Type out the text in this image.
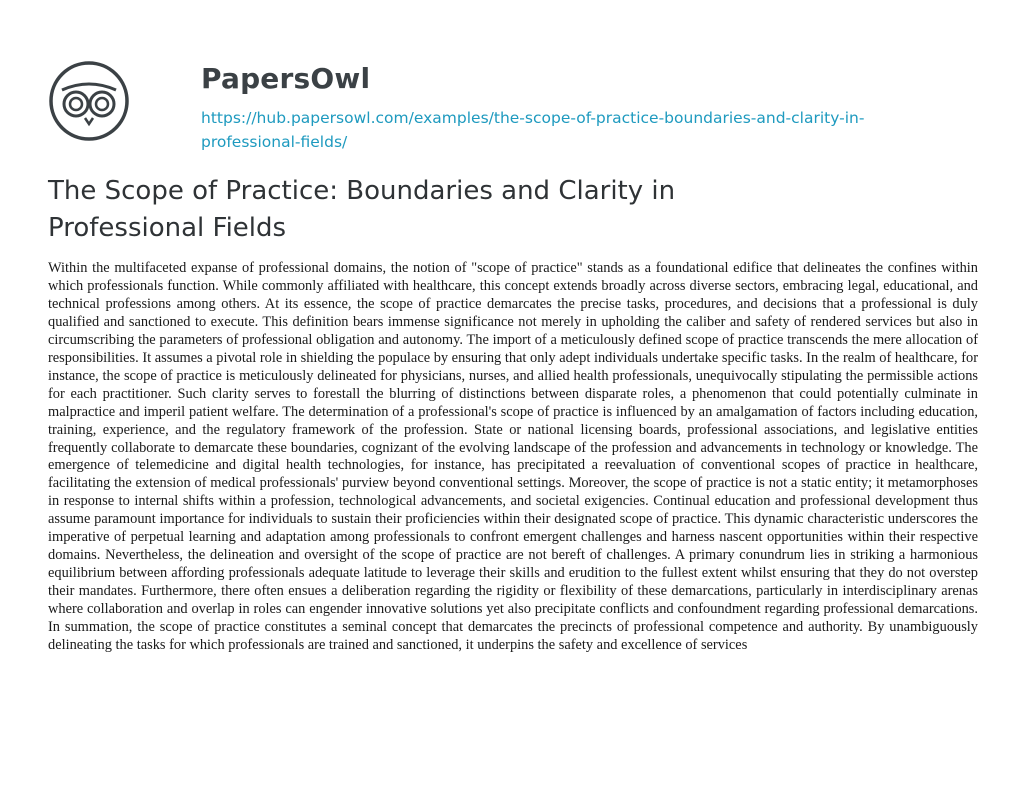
PapersOwl
https://hub.papersowl.com/examples/the-scope-of-practice-boundaries-and-clarity-in-professional-fields/
The Scope of Practice: Boundaries and Clarity in Professional Fields

Within the multifaceted expanse of professional domains, the notion of "scope of practice" stands as a foundational edifice that delineates the confines within which professionals function. While commonly affiliated with healthcare, this concept extends broadly across diverse sectors, embracing legal, educational, and technical professions among others. At its essence, the scope of practice demarcates the precise tasks, procedures, and decisions that a professional is duly qualified and sanctioned to execute. This definition bears immense significance not merely in upholding the caliber and safety of rendered services but also in circumscribing the parameters of professional obligation and autonomy. The import of a meticulously defined scope of practice transcends the mere allocation of responsibilities. It assumes a pivotal role in shielding the populace by ensuring that only adept individuals undertake specific tasks. In the realm of healthcare, for instance, the scope of practice is meticulously delineated for physicians, nurses, and allied health professionals, unequivocally stipulating the permissible actions for each practitioner. Such clarity serves to forestall the blurring of distinctions between disparate roles, a phenomenon that could potentially culminate in malpractice and imperil patient welfare. The determination of a professional's scope of practice is influenced by an amalgamation of factors including education, training, experience, and the regulatory framework of the profession. State or national licensing boards, professional associations, and legislative entities frequently collaborate to demarcate these boundaries, cognizant of the evolving landscape of the profession and advancements in technology or knowledge. The emergence of telemedicine and digital health technologies, for instance, has precipitated a reevaluation of conventional scopes of practice in healthcare, facilitating the extension of medical professionals' purview beyond conventional settings. Moreover, the scope of practice is not a static entity; it metamorphoses in response to internal shifts within a profession, technological advancements, and societal exigencies. Continual education and professional development thus assume paramount importance for individuals to sustain their proficiencies within their designated scope of practice. This dynamic characteristic underscores the imperative of perpetual learning and adaptation among professionals to confront emergent challenges and harness nascent opportunities within their respective domains. Nevertheless, the delineation and oversight of the scope of practice are not bereft of challenges. A primary conundrum lies in striking a harmonious equilibrium between affording professionals adequate latitude to leverage their skills and erudition to the fullest extent whilst ensuring that they do not overstep their mandates. Furthermore, there often ensues a deliberation regarding the rigidity or flexibility of these demarcations, particularly in interdisciplinary arenas where collaboration and overlap in roles can engender innovative solutions yet also precipitate conflicts and confoundment regarding professional demarcations. In summation, the scope of practice constitutes a seminal concept that demarcates the precincts of professional competence and authority. By unambiguously delineating the tasks for which professionals are trained and sanctioned, it underpins the safety and excellence of services
